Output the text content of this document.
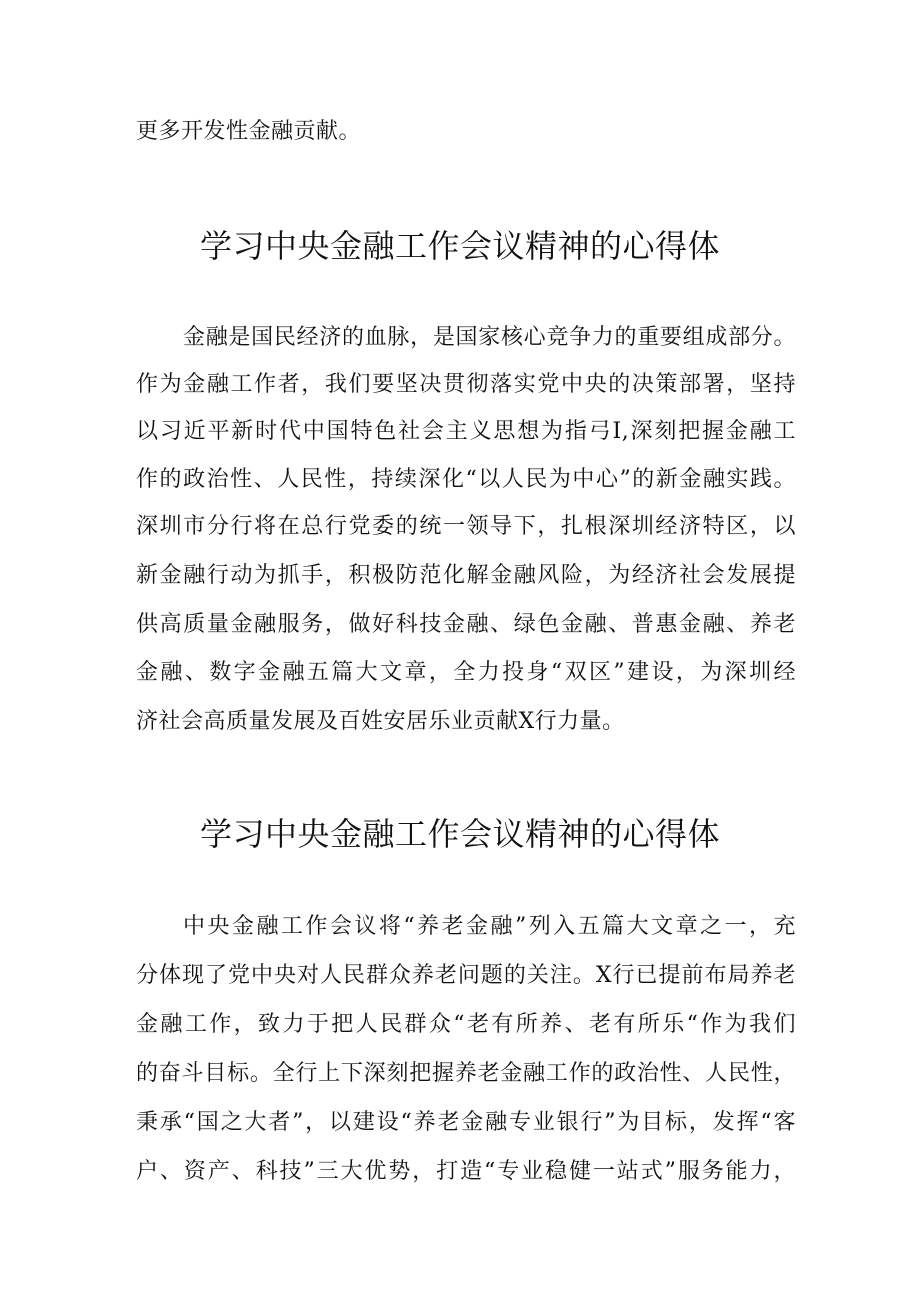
更多开发性金融贡献。
学习中央金融工作会议精神的心得体
金融是国民经济的血脉，是国家核心竞争力的重要组成部分。
作为金融工作者，我们要坚决贯彻落实党中央的决策部署，坚持
以习近平新时代中国特色社会主义思想为指弓I,深刻把握金融工
作的政治性、人民性，持续深化“以人民为中心”的新金融实践。
深圳市分行将在总行党委的统一领导下，扎根深圳经济特区，以
新金融行动为抓手，积极防范化解金融风险，为经济社会发展提
供高质量金融服务，做好科技金融、绿色金融、普惠金融、养老
金融、数字金融五篇大文章，全力投身“双区”建设，为深圳经
济社会高质量发展及百姓安居乐业贡献X行力量。
学习中央金融工作会议精神的心得体
中央金融工作会议将“养老金融”列入五篇大文章之一，充
分体现了党中央对人民群众养老问题的关注。X行已提前布局养老
金融工作，致力于把人民群众“老有所养、老有所乐“作为我们
的奋斗目标。全行上下深刻把握养老金融工作的政治性、人民性，
秉承“国之大者”，以建设“养老金融专业银行”为目标，发挥“客
户、资产、科技”三大优势，打造“专业稳健一站式”服务能力，
